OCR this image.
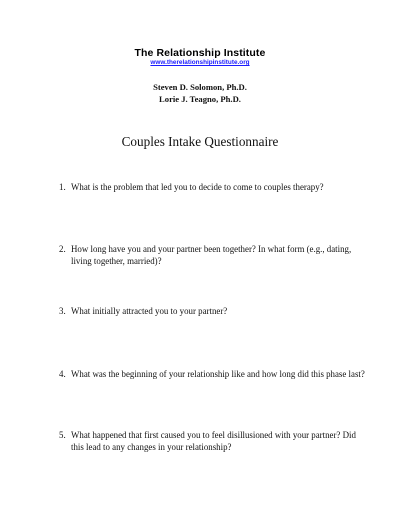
The Relationship Institute
www.therelationshipinstitute.org
Steven D. Solomon, Ph.D.
Lorie J. Teagno, Ph.D.
Couples Intake Questionnaire
1. What is the problem that led you to decide to come to couples therapy?
2. How long have you and your partner been together? In what form (e.g., dating, living together, married)?
3. What initially attracted you to your partner?
4. What was the beginning of your relationship like and how long did this phase last?
5. What happened that first caused you to feel disillusioned with your partner? Did this lead to any changes in your relationship?
